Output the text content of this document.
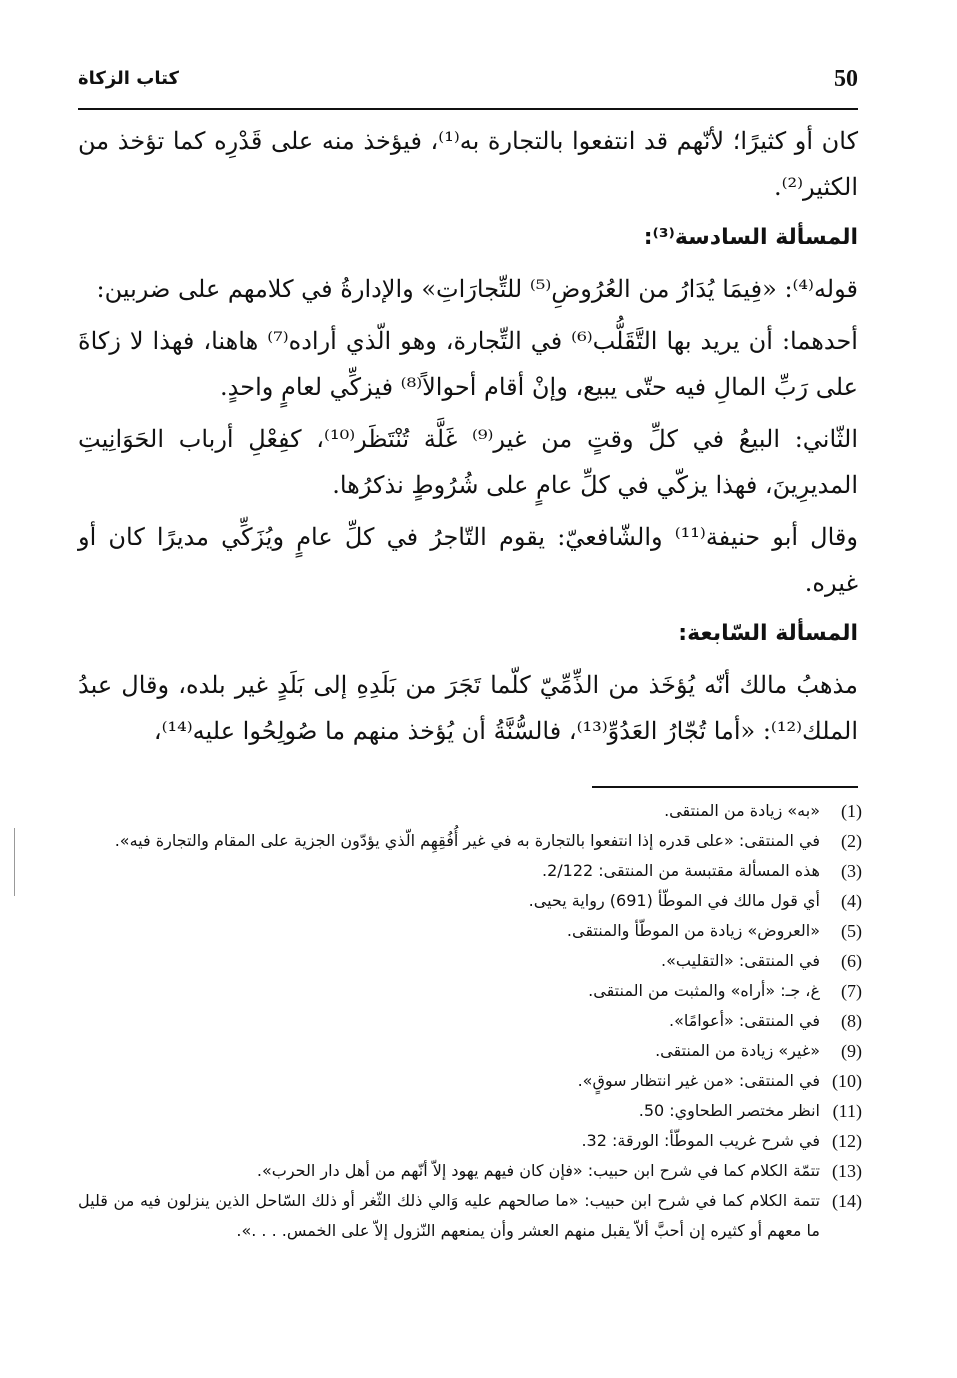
50
كتاب الزكاة

كان أو كثيرًا؛ لأنّهم قد انتفعوا بالتجارة به⁽¹⁾، فيؤخذ منه على قَدْرِه كما تؤخذ من الكثير⁽²⁾.

المسألة السادسة⁽³⁾:

قوله⁽⁴⁾: «فِيمَا يُدَارُ من العُرُوضِ⁽⁵⁾ للتِّجارَاتِ» والإدارةُ في كلامهم على ضربين:

أحدهما: أن يريد بها التَّقَلُّب⁽⁶⁾ في التِّجارة، وهو الّذي أراده⁽⁷⁾ هاهنا، فهذا لا زكاةَ على رَبِّ المالِ فيه حتّى يبيع، وإنْ أقام أحوالاً⁽⁸⁾ فيزكِّي لعامٍ واحدٍ.

الثّاني: البيعُ في كلِّ وقتٍ من غير⁽⁹⁾ غَلَّة تُنْتَظَر⁽¹⁰⁾، كفِعْلِ أرباب الحَوَانِيتِ المديرِينَ، فهذا يزكّي في كلِّ عامٍ على شُرُوطٍ نذكرُها.

وقال أبو حنيفة⁽¹¹⁾ والشّافعيّ: يقوم التّاجرُ في كلِّ عامٍ ويُزَكِّي مديرًا كان أو غيره.

المسألة السّابعة:

مذهبُ مالك أنّه يُؤخَذ من الذِّمِّيّ كلّما تَجَرَ من بَلَدِهِ إلى بَلَدٍ غير بلده، وقال عبدُ الملك⁽¹²⁾: «أما تُجّارُ العَدُوِّ⁽¹³⁾، فالسُّنَّةُ أن يُؤخذ منهم ما صُولِحُوا عليه⁽¹⁴⁾،

(1)
«به» زيادة من المنتقى.
(2)
في المنتقى: «على قدره إذا انتفعوا بالتجارة به في غير أُفُقِهِم الّذي يؤدّون الجزية على المقام والتجارة فيه».
(3)
هذه المسألة مقتبسة من المنتقى: 2/122.
(4)
أي قول مالك في الموطّأ (691) رواية يحيى.
(5)
«العروض» زيادة من الموطّأ والمنتقى.
(6)
في المنتقى: «التقليب».
(7)
غ، جـ: «أراه» والمثبت من المنتقى.
(8)
في المنتقى: «أعوامًا».
(9)
«غير» زيادة من المنتقى.
(10)
في المنتقى: «من غير انتظار سوقٍ».
(11)
انظر مختصر الطحاوي: 50.
(12)
في شرح غريب الموطّأ: الورقة: 32.
(13)
تتمّة الكلام كما في شرح ابن حبيب: «فإن كان فيهم يهود إلاّ أنّهم من أهل دار الحرب».
(14)
تتمة الكلام كما في شرح ابن حبيب: «ما صالحهم عليه وَالي ذلك الثّغر أو ذلك السّاحل الذين ينزلون فيه من قليل ما معهم أو كثيره إن أحبَّ ألاّ يقبل منهم العشر وأن يمنعهم النّزول إلاّ على الخمس. . . .».
